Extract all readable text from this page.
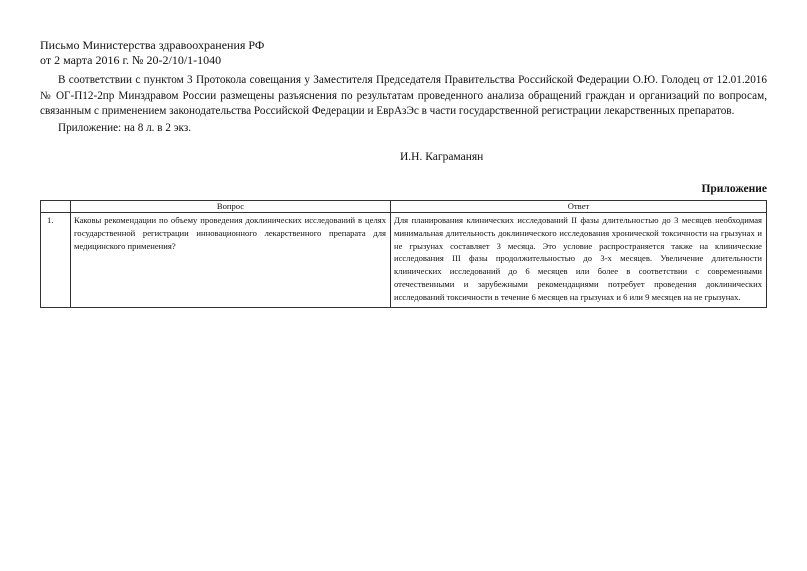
Письмо Министерства здравоохранения РФ
от 2 марта 2016 г. № 20-2/10/1-1040
В соответствии с пунктом 3 Протокола совещания у Заместителя Председателя Правительства Российской Федерации О.Ю. Голодец от 12.01.2016 № ОГ-П12-2пр Минздравом России размещены разъяснения по результатам проведенного анализа обращений граждан и организаций по вопросам, связанным с применением законодательства Российской Федерации и ЕврАзЭс в части государственной регистрации лекарственных препаратов.
Приложение: на 8 л. в 2 экз.
И.Н. Каграманян
Приложение
	Вопрос	Ответ
1.	Каковы рекомендации по объему проведения доклинических исследований в целях государственной регистрации инновационного лекарственного препарата для медицинского применения?	Для планирования клинических исследований II фазы длительностью до 3 месяцев необходимая минимальная длительность доклинического исследования хронической токсичности на грызунах и не грызунах составляет 3 месяца. Это условие распространяется также на клинические исследования III фазы продолжительностью до 3-х месяцев. Увеличение длительности клинических исследований до 6 месяцев или более в соответствии с современными отечественными и зарубежными рекомендациями потребует проведения доклинических исследований токсичности в течение 6 месяцев на грызунах и 6 или 9 месяцев на не грызунах.
